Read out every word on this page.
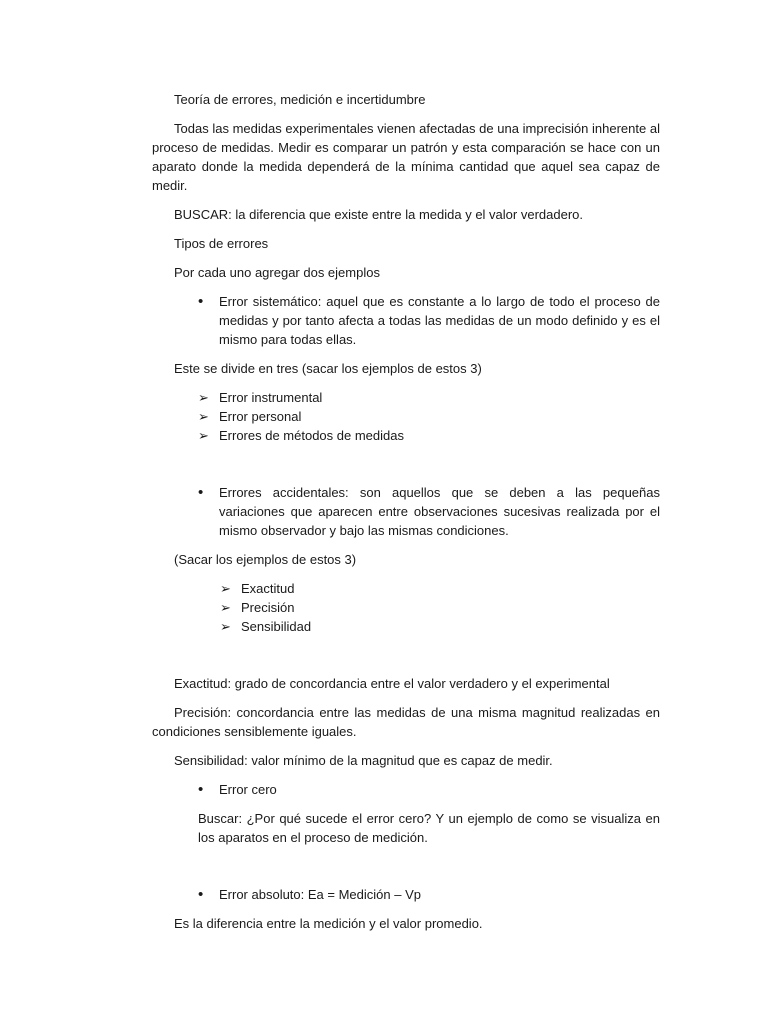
Teoría de errores, medición e incertidumbre

Todas las medidas experimentales vienen afectadas de una imprecisión inherente al proceso de medidas. Medir es comparar un patrón y esta comparación se hace con un aparato donde la medida dependerá de la mínima cantidad que aquel sea capaz de medir.

BUSCAR: la diferencia que existe entre la medida y el valor verdadero.

Tipos de errores

Por cada uno agregar dos ejemplos

•	Error sistemático: aquel que es constante a lo largo de todo el proceso de medidas y por tanto afecta a todas las medidas de un modo definido y es el mismo para todas ellas.

Este se divide en tres (sacar los ejemplos de estos 3)

➢ Error instrumental
➢ Error personal
➢ Errores de métodos de medidas
•	Errores accidentales: son aquellos que se deben a las pequeñas variaciones que aparecen entre observaciones sucesivas realizada por el mismo observador y bajo las mismas condiciones.

(Sacar los ejemplos de estos 3)

➢ Exactitud
➢ Precisión
➢ Sensibilidad

Exactitud: grado de concordancia entre el valor verdadero y el experimental

Precisión: concordancia entre las medidas de una misma magnitud realizadas en condiciones sensiblemente iguales.

Sensibilidad: valor mínimo de la magnitud que es capaz de medir.

•	Error cero

Buscar: ¿Por qué sucede el error cero? Y un ejemplo de como se visualiza en los aparatos en el proceso de medición.

•	Error absoluto: Ea = Medición – Vp

Es la diferencia entre la medición y el valor promedio.
